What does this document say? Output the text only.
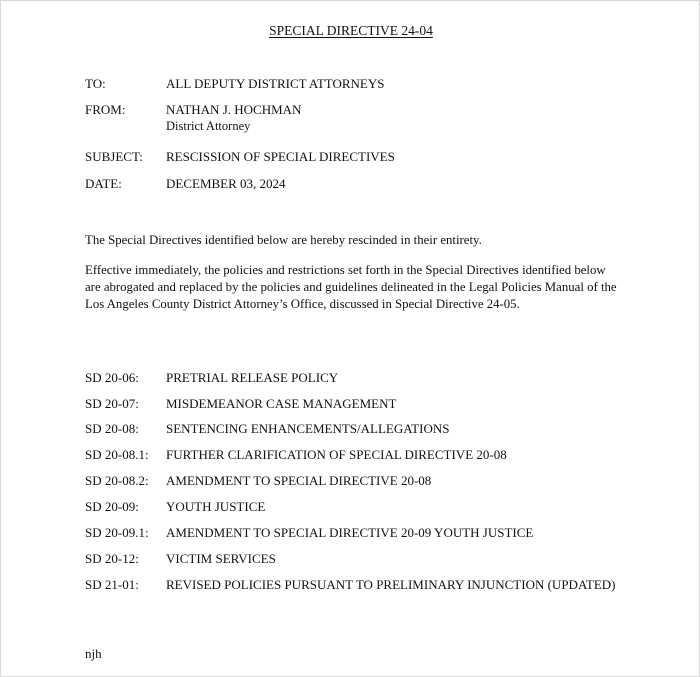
SPECIAL DIRECTIVE 24-04
TO:	ALL DEPUTY DISTRICT ATTORNEYS
FROM:	NATHAN J. HOCHMAN
District Attorney
SUBJECT: RESCISSION OF SPECIAL DIRECTIVES
DATE:	DECEMBER 03, 2024
The Special Directives identified below are hereby rescinded in their entirety.
Effective immediately, the policies and restrictions set forth in the Special Directives identified below are abrogated and replaced by the policies and guidelines delineated in the Legal Policies Manual of the Los Angeles County District Attorney’s Office, discussed in Special Directive 24-05.
SD 20-06: PRETRIAL RELEASE POLICY
SD 20-07: MISDEMEANOR CASE MANAGEMENT
SD 20-08: SENTENCING ENHANCEMENTS/ALLEGATIONS
SD 20-08.1: FURTHER CLARIFICATION OF SPECIAL DIRECTIVE 20-08
SD 20-08.2: AMENDMENT TO SPECIAL DIRECTIVE 20-08
SD 20-09: YOUTH JUSTICE
SD 20-09.1: AMENDMENT TO SPECIAL DIRECTIVE 20-09 YOUTH JUSTICE
SD 20-12: VICTIM SERVICES
SD 21-01: REVISED POLICIES PURSUANT TO PRELIMINARY INJUNCTION (UPDATED)
njh
